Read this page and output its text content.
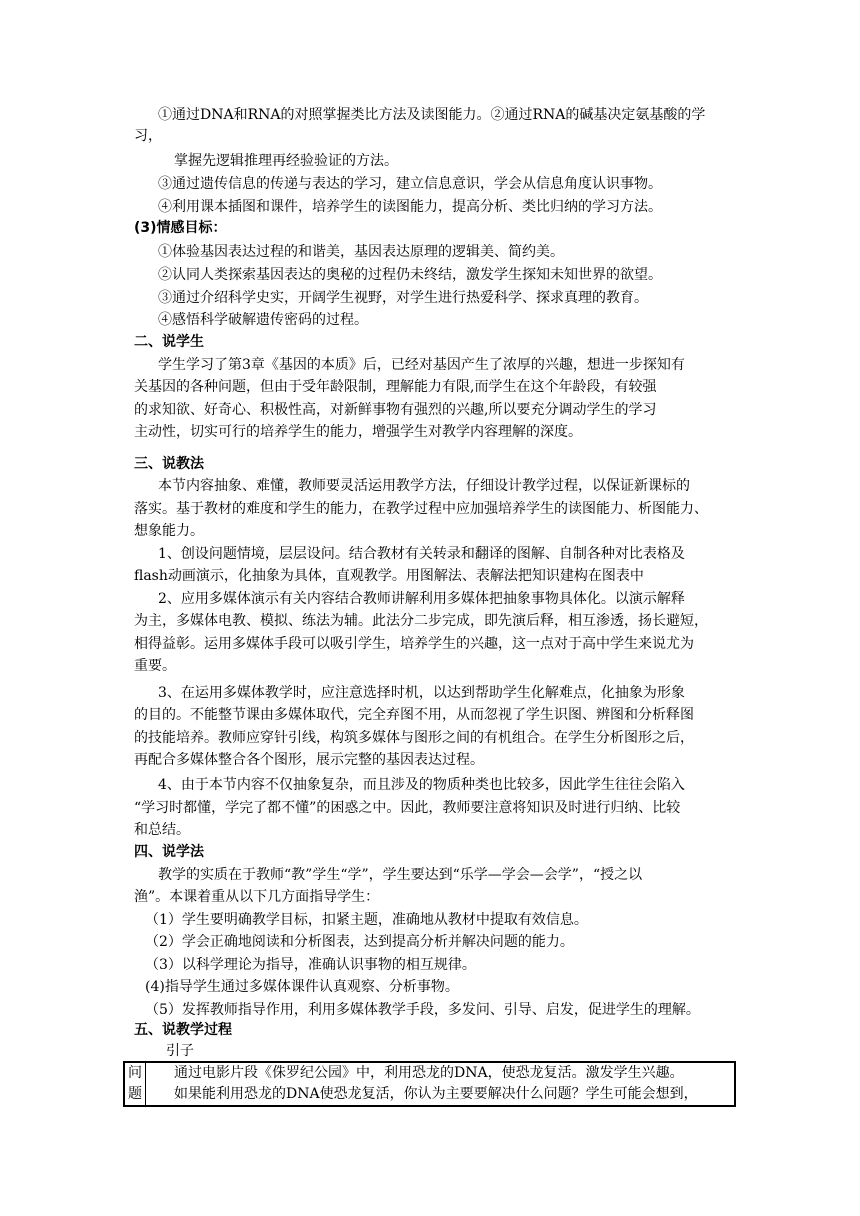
①通过DNA和RNA的对照掌握类比方法及读图能力。②通过RNA的碱基决定氨基酸的学
习，
掌握先逻辑推理再经验验证的方法。
③通过遗传信息的传递与表达的学习，建立信息意识，学会从信息角度认识事物。
④利用课本插图和课件，培养学生的读图能力，提高分析、类比归纳的学习方法。
(3)情感目标：
①体验基因表达过程的和谐美，基因表达原理的逻辑美、简约美。
②认同人类探索基因表达的奥秘的过程仍未终结，激发学生探知未知世界的欲望。
③通过介绍科学史实，开阔学生视野，对学生进行热爱科学、探求真理的教育。
④感悟科学破解遗传密码的过程。
二、说学生
学生学习了第3章《基因的本质》后，已经对基因产生了浓厚的兴趣，想进一步探知有
关基因的各种问题，但由于受年龄限制，理解能力有限,而学生在这个年龄段，有较强
的求知欲、好奇心、积极性高，对新鲜事物有强烈的兴趣,所以要充分调动学生的学习
主动性，切实可行的培养学生的能力，增强学生对教学内容理解的深度。
三、说教法
本节内容抽象、难懂，教师要灵活运用教学方法，仔细设计教学过程，以保证新课标的
落实。基于教材的难度和学生的能力，在教学过程中应加强培养学生的读图能力、析图能力、
想象能力。
1、创设问题情境，层层设问。结合教材有关转录和翻译的图解、自制各种对比表格及
flash动画演示，化抽象为具体，直观教学。用图解法、表解法把知识建构在图表中
2、应用多媒体演示有关内容结合教师讲解利用多媒体把抽象事物具体化。以演示解释
为主，多媒体电教、模拟、练法为辅。此法分二步完成，即先演后释，相互渗透，扬长避短，
相得益彰。运用多媒体手段可以吸引学生，培养学生的兴趣，这一点对于高中学生来说尤为
重要。
3、在运用多媒体教学时，应注意选择时机，以达到帮助学生化解难点，化抽象为形象
的目的。不能整节课由多媒体取代，完全弃图不用，从而忽视了学生识图、辨图和分析释图
的技能培养。教师应穿针引线，构筑多媒体与图形之间的有机组合。在学生分析图形之后，
再配合多媒体整合各个图形，展示完整的基因表达过程。
4、由于本节内容不仅抽象复杂，而且涉及的物质种类也比较多，因此学生往往会陷入
“学习时都懂，学完了都不懂”的困惑之中。因此，教师要注意将知识及时进行归纳、比较
和总结。
四、说学法
教学的实质在于教师“教”学生“学”，学生要达到“乐学—学会—会学”，“授之以
渔”。本课着重从以下几方面指导学生：
（1）学生要明确教学目标，扣紧主题，准确地从教材中提取有效信息。
（2）学会正确地阅读和分析图表，达到提高分析并解决问题的能力。
（3）以科学理论为指导，准确认识事物的相互规律。
(4)指导学生通过多媒体课件认真观察、分析事物。
（5）发挥教师指导作用，利用多媒体教学手段，多发问、引导、启发，促进学生的理解。
五、说教学过程
引子
问	通过电影片段《侏罗纪公园》中，利用恐龙的DNA，使恐龙复活。激发学生兴趣。
题	如果能利用恐龙的DNA使恐龙复活，你认为主要要解决什么问题？学生可能会想到，
